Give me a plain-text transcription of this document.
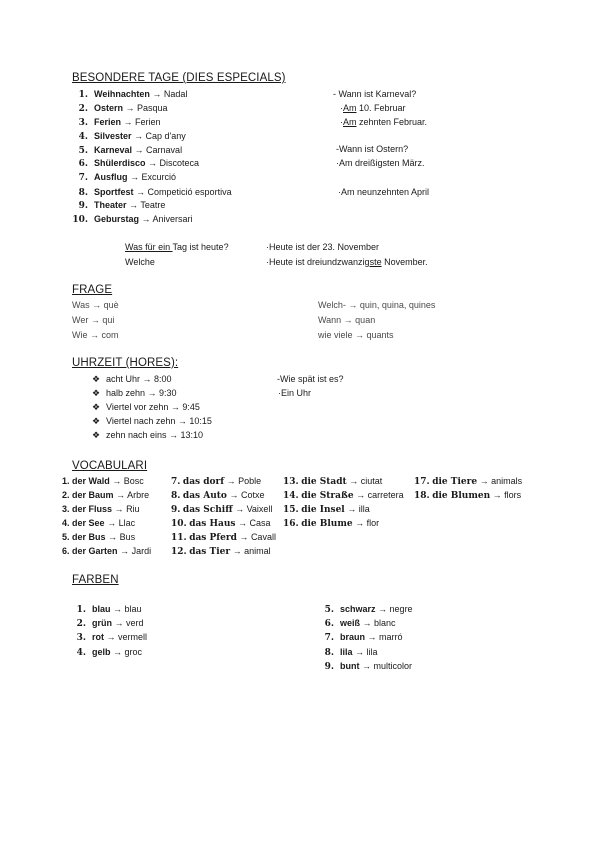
BESONDERE TAGE (DIES ESPECIALS)
1. Weihnachten → Nadal
2. Ostern → Pasqua
3. Ferien → Ferien
4. Silvester → Cap d'any
5. Karneval → Carnaval
6. Shülerdisco → Discoteca
7. Ausflug → Excurció
8. Sportfest → Competició esportiva
9. Theater → Teatre
10. Geburstag → Aniversari
- Wann ist Karneval?
·Am 10. Februar
·Am zehnten Februar.
-Wann ist Ostern?
·Am dreißigsten März.
·Am neunzehnten April
Was für ein Tag ist heute?
Welche
·Heute ist der 23. November
·Heute ist dreiundzwanzigste November.
FRAGE
Was → què
Wer → qui
Wie → com
Welch- → quin, quina, quines
Wann → quan
wie viele → quants
UHRZEIT (HORES):
❖ acht Uhr → 8:00
❖ halb zehn → 9:30
❖ Viertel vor zehn → 9:45
❖ Viertel nach zehn → 10:15
❖ zehn nach eins → 13:10
-Wie spät ist es?
·Ein Uhr
VOCABULARI
1. der Wald → Bosc
2. der Baum → Arbre
3. der Fluss → Riu
4. der See → Llac
5. der Bus → Bus
6. der Garten → Jardi
7. das dorf → Poble
8. das Auto → Cotxe
9. das Schiff → Vaixell
10. das Haus → Casa
11. das Pferd → Cavall
12. das Tier → animal
13. die Stadt → ciutat
14. die Straße → carretera
15. die Insel → illa
16. die Blume → flor
17. die Tiere → animals
18. die Blumen → flors
FARBEN
1. blau → blau
2. grün → verd
3. rot → vermell
4. gelb → groc
5. schwarz → negre
6. weiß → blanc
7. braun → marró
8. lila → lila
9. bunt → multicolor
